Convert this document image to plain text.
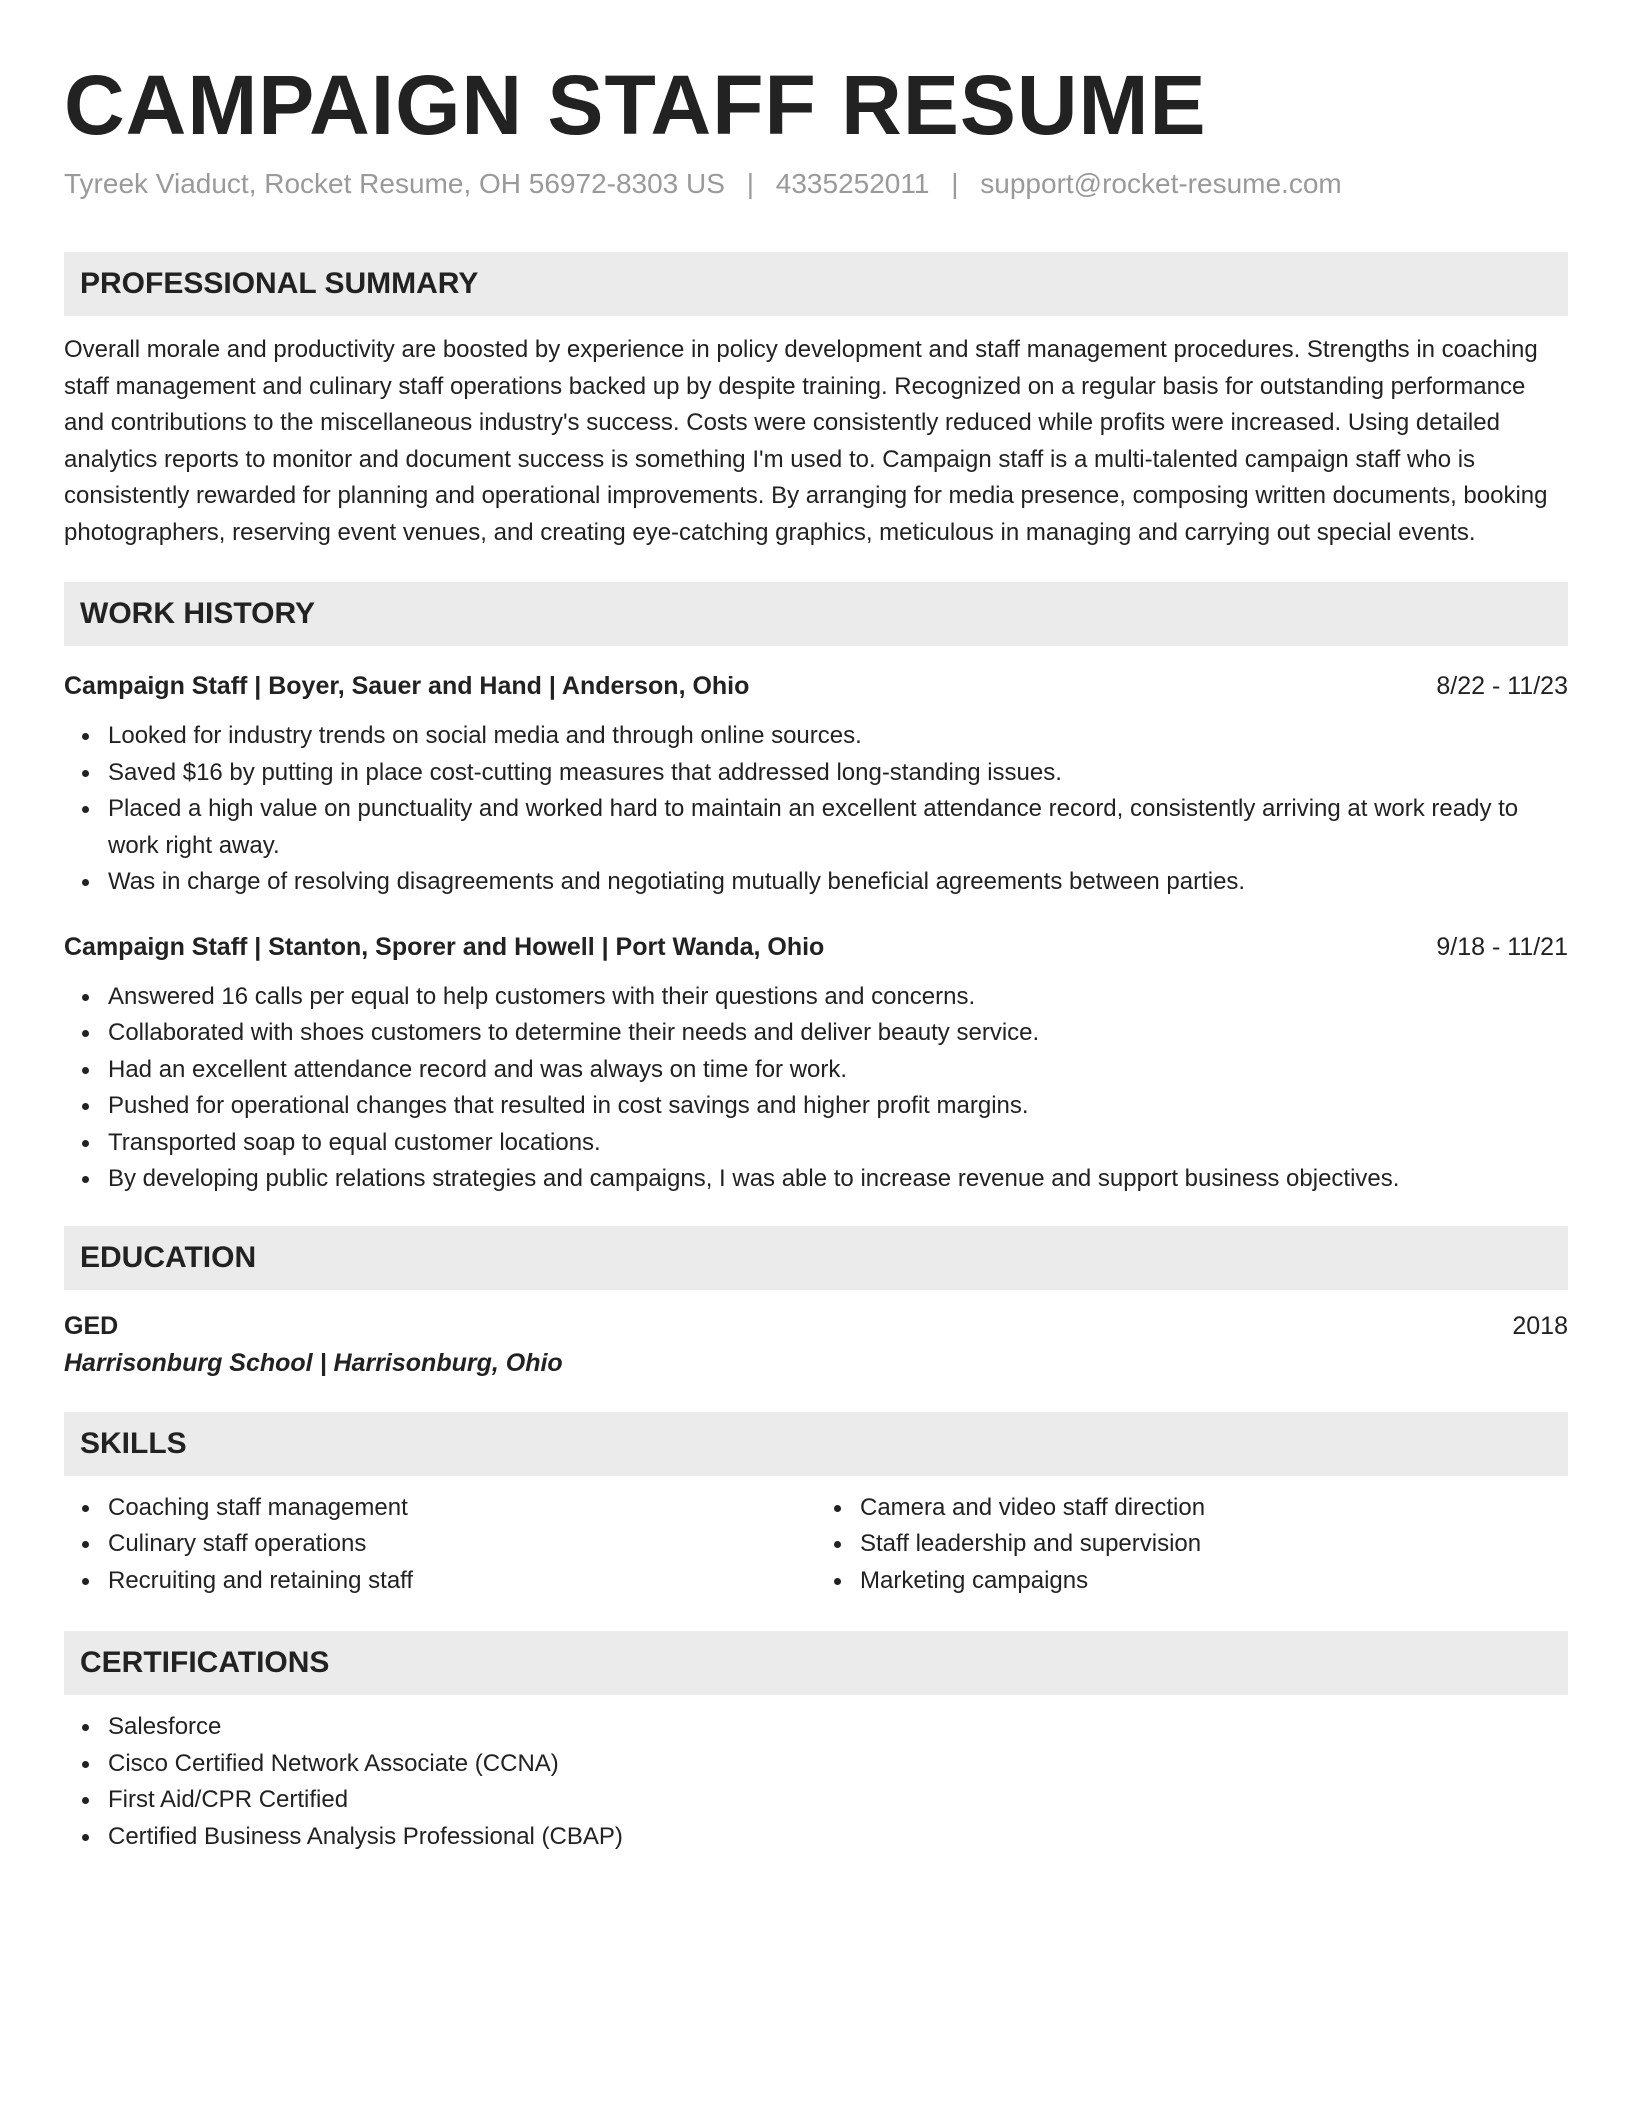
CAMPAIGN STAFF RESUME
Tyreek Viaduct, Rocket Resume, OH 56972-8303 US | 4335252011 | support@rocket-resume.com
PROFESSIONAL SUMMARY

Overall morale and productivity are boosted by experience in policy development and staff management procedures. Strengths in coaching staff management and culinary staff operations backed up by despite training. Recognized on a regular basis for outstanding performance and contributions to the miscellaneous industry's success. Costs were consistently reduced while profits were increased. Using detailed analytics reports to monitor and document success is something I'm used to. Campaign staff is a multi-talented campaign staff who is consistently rewarded for planning and operational improvements. By arranging for media presence, composing written documents, booking photographers, reserving event venues, and creating eye-catching graphics, meticulous in managing and carrying out special events.

WORK HISTORY
Campaign Staff | Boyer, Sauer and Hand | Anderson, Ohio	8/22 - 11/23
Looked for industry trends on social media and through online sources.
Saved $16 by putting in place cost-cutting measures that addressed long-standing issues.
Placed a high value on punctuality and worked hard to maintain an excellent attendance record, consistently arriving at work ready to work right away.
Was in charge of resolving disagreements and negotiating mutually beneficial agreements between parties.
Campaign Staff | Stanton, Sporer and Howell | Port Wanda, Ohio	9/18 - 11/21
Answered 16 calls per equal to help customers with their questions and concerns.
Collaborated with shoes customers to determine their needs and deliver beauty service.
Had an excellent attendance record and was always on time for work.
Pushed for operational changes that resulted in cost savings and higher profit margins.
Transported soap to equal customer locations.
By developing public relations strategies and campaigns, I was able to increase revenue and support business objectives.
EDUCATION
GED	2018
Harrisonburg School | Harrisonburg, Ohio
SKILLS
Coaching staff management
Culinary staff operations
Recruiting and retaining staff
Camera and video staff direction
Staff leadership and supervision
Marketing campaigns
CERTIFICATIONS
Salesforce
Cisco Certified Network Associate (CCNA)
First Aid/CPR Certified
Certified Business Analysis Professional (CBAP)
